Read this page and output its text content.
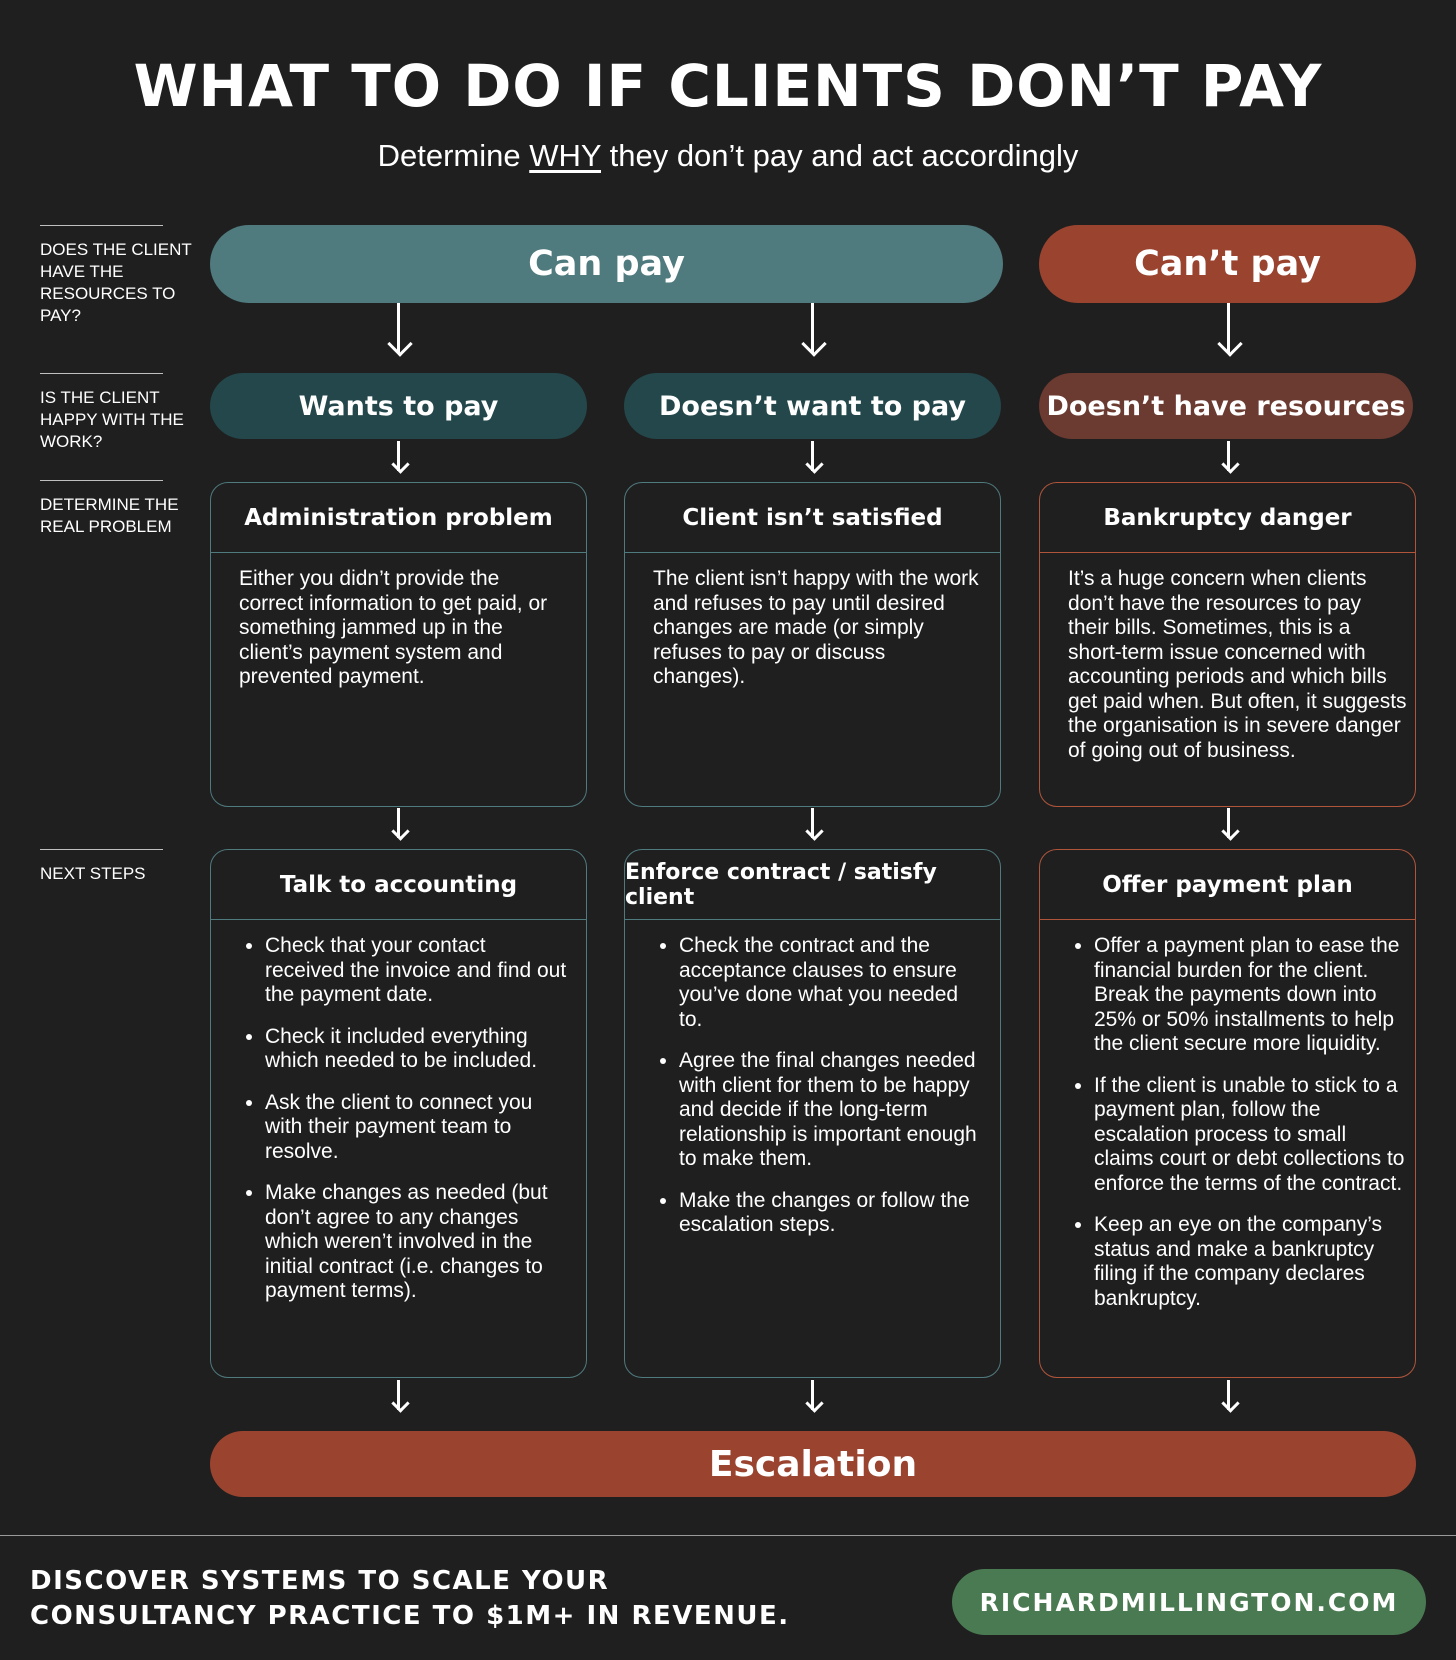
WHAT TO DO IF CLIENTS DON’T PAY
Determine WHY they don’t pay and act accordingly
DOES THE CLIENT HAVE THE RESOURCES TO PAY?
IS THE CLIENT HAPPY WITH THE WORK?
DETERMINE THE REAL PROBLEM
NEXT STEPS
Can pay	Can’t pay
Wants to pay	Doesn’t want to pay	Doesn’t have resources
Administration problem
Either you didn’t provide the correct information to get paid, or something jammed up in the client’s payment system and prevented payment.
Client isn’t satisfied
The client isn’t happy with the work and refuses to pay until desired changes are made (or simply refuses to pay or discuss changes).
Bankruptcy danger
It’s a huge concern when clients don’t have the resources to pay their bills. Sometimes, this is a short-term issue concerned with accounting periods and which bills get paid when. But often, it suggests the organisation is in severe danger of going out of business.
Talk to accounting
• Check that your contact received the invoice and find out the payment date.
• Check it included everything which needed to be included.
• Ask the client to connect you with their payment team to resolve.
• Make changes as needed (but don’t agree to any changes which weren’t involved in the initial contract (i.e. changes to payment terms).
Enforce contract / satisfy client
• Check the contract and the acceptance clauses to ensure you’ve done what you needed to.
• Agree the final changes needed with client for them to be happy and decide if the long-term relationship is important enough to make them.
• Make the changes or follow the escalation steps.
Offer payment plan
• Offer a payment plan to ease the financial burden for the client. Break the payments down into 25% or 50% installments to help the client secure more liquidity.
• If the client is unable to stick to a payment plan, follow the escalation process to small claims court or debt collections to enforce the terms of the contract.
• Keep an eye on the company’s status and make a bankruptcy filing if the company declares bankruptcy.
Escalation
DISCOVER SYSTEMS TO SCALE YOUR
CONSULTANCY PRACTICE TO $1M+ IN REVENUE.	RICHARDMILLINGTON.COM
